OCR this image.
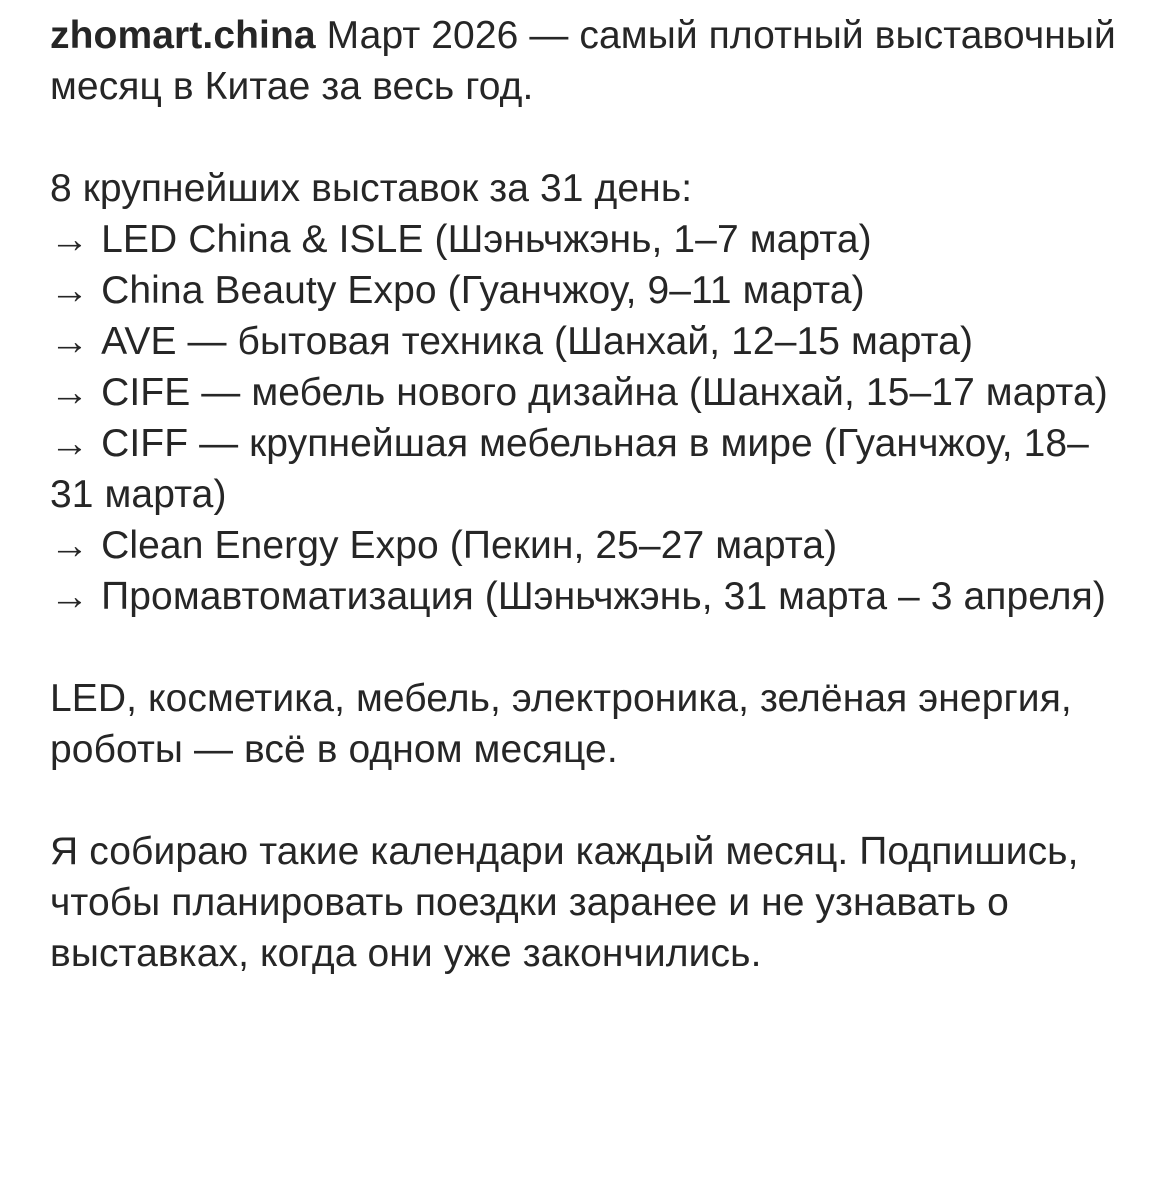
zhomart.china Март 2026 — самый плотный выставочный месяц в Китае за весь год.

8 крупнейших выставок за 31 день:
→ LED China & ISLE (Шэньчжэнь, 1–7 марта)
→ China Beauty Expo (Гуанчжоу, 9–11 марта)
→ AVE — бытовая техника (Шанхай, 12–15 марта)
→ CIFE — мебель нового дизайна (Шанхай, 15–17 марта)
→ CIFF — крупнейшая мебельная в мире (Гуанчжоу, 18–31 марта)
→ Clean Energy Expo (Пекин, 25–27 марта)
→ Промавтоматизация (Шэньчжэнь, 31 марта – 3 апреля)

LED, косметика, мебель, электроника, зелёная энергия, роботы — всё в одном месяце.

Я собираю такие календари каждый месяц. Подпишись, чтобы планировать поездки заранее и не узнавать о выставках, когда они уже закончились.
